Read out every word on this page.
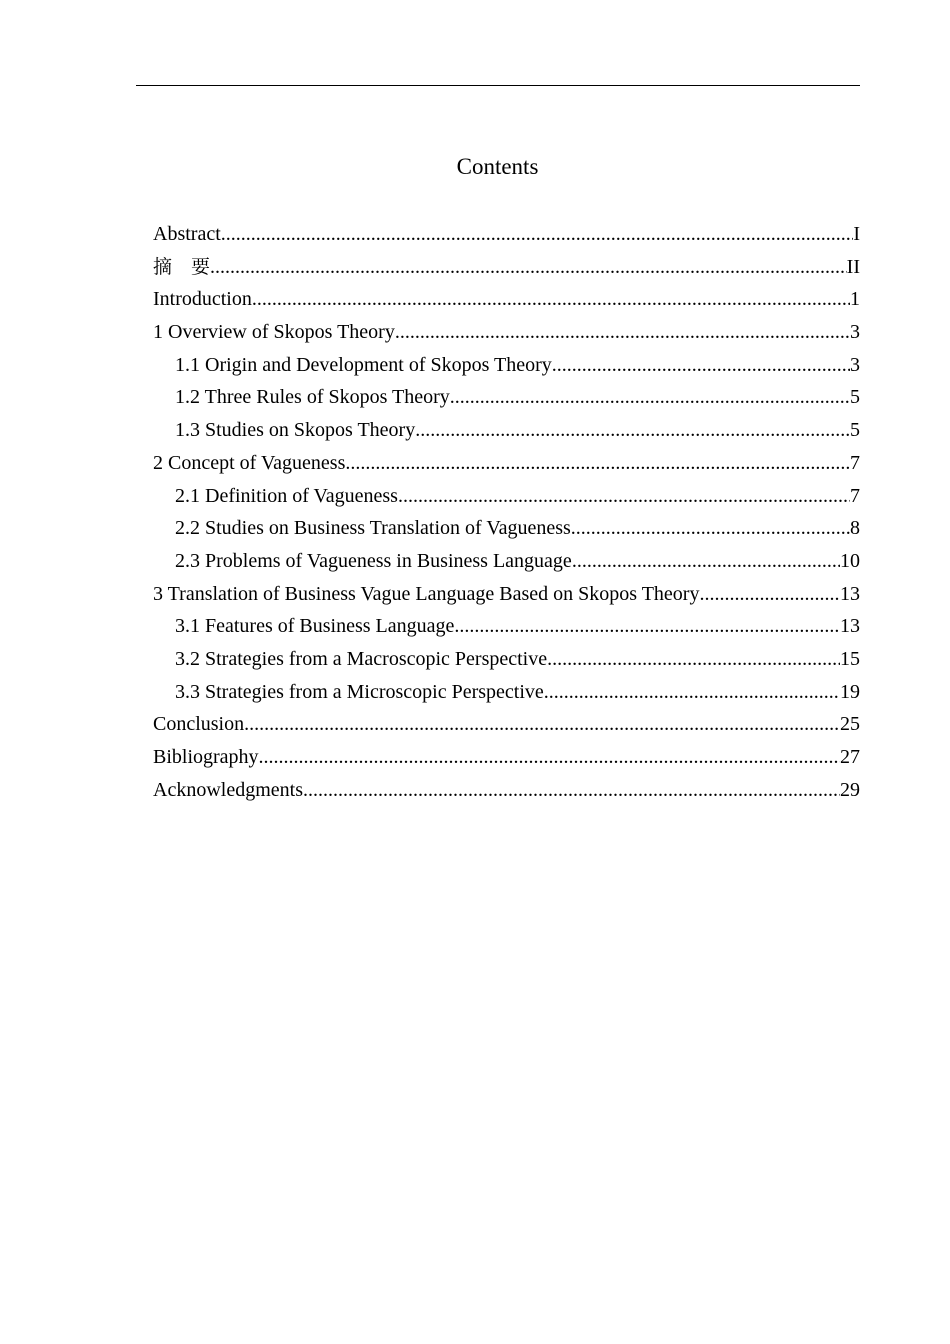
Contents
Abstract .....	I
摘　要 .....	II
Introduction .....	1
1 Overview of Skopos Theory .....	3
1.1 Origin and Development of Skopos Theory .....	3
1.2 Three Rules of Skopos Theory .....	5
1.3 Studies on Skopos Theory .....	5
2 Concept of Vagueness .....	7
2.1 Definition of Vagueness .....	7
2.2 Studies on Business Translation of Vagueness .....	8
2.3 Problems of Vagueness in Business Language .....	10
3 Translation of Business Vague Language Based on Skopos Theory .....	13
3.1 Features of Business Language .....	13
3.2 Strategies from a Macroscopic Perspective .....	15
3.3 Strategies from a Microscopic Perspective .....	19
Conclusion .....	25
Bibliography .....	27
Acknowledgments .....	29
